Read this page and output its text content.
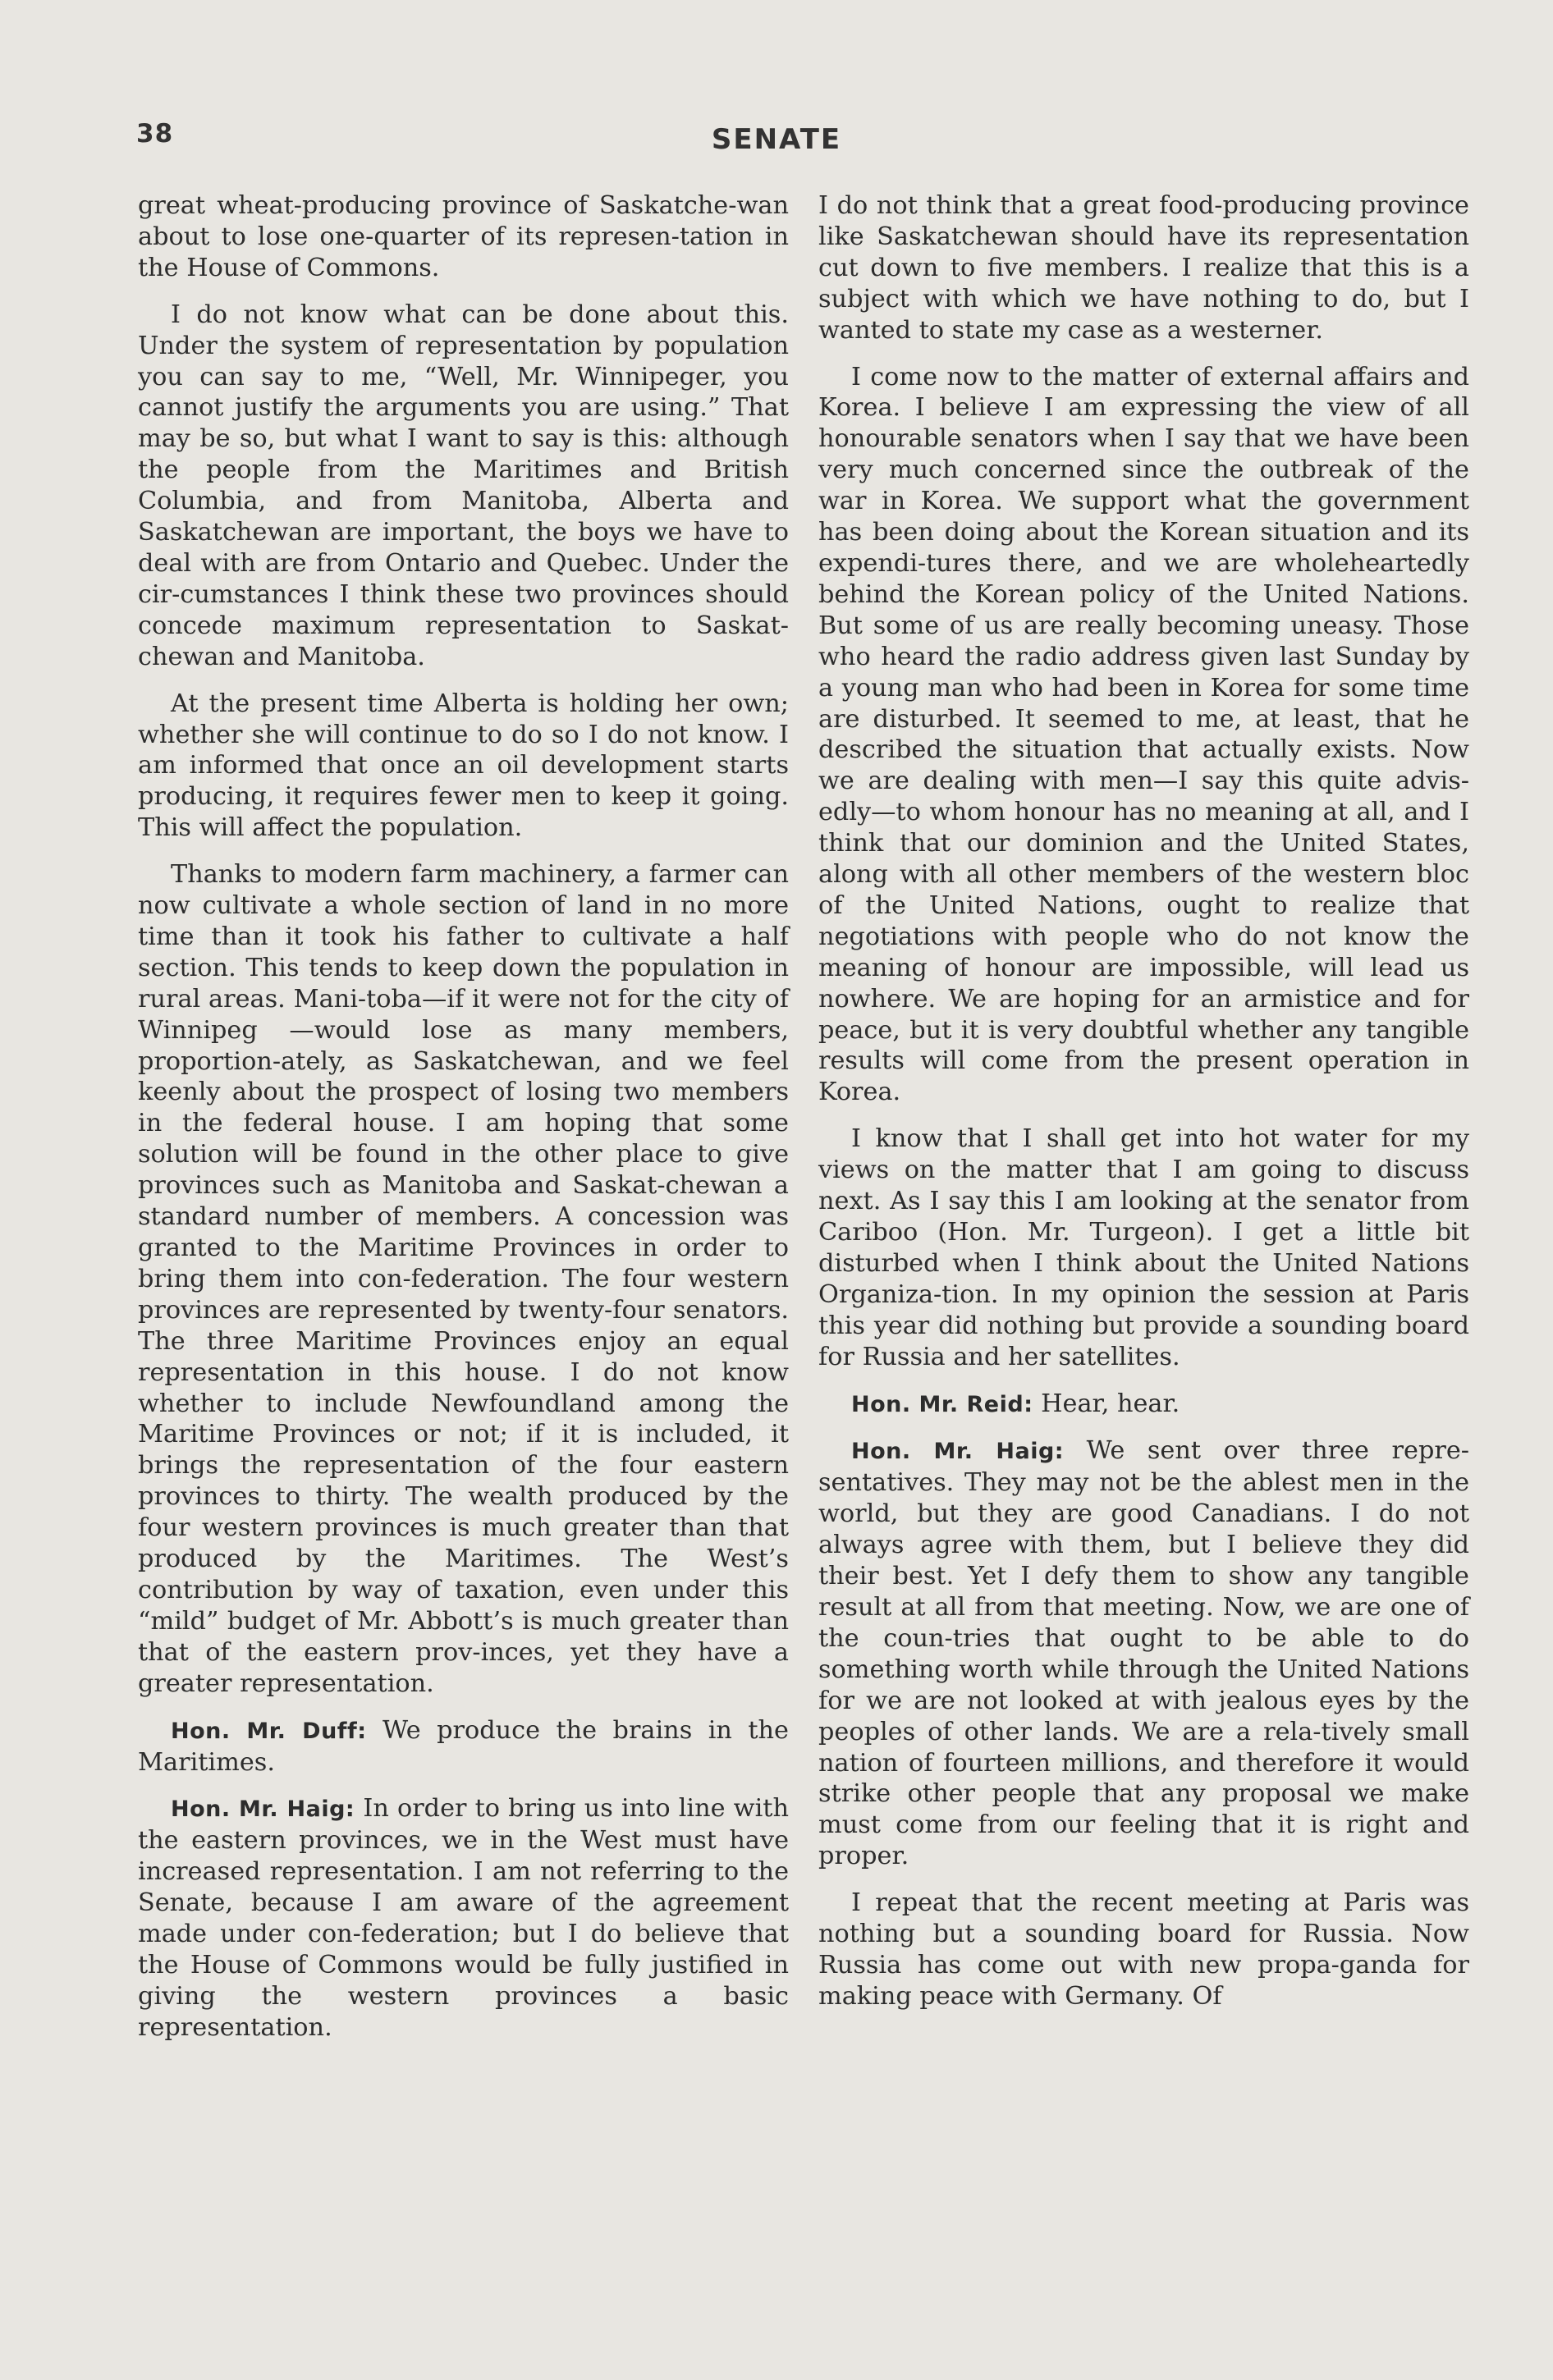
38	SENATE

great wheat-producing province of Saskatche-wan about to lose one-quarter of its represen-tation in the House of Commons.

I do not know what can be done about this. Under the system of representation by population you can say to me, “Well, Mr. Winnipeger, you cannot justify the arguments you are using.” That may be so, but what I want to say is this: although the people from the Maritimes and British Columbia, and from Manitoba, Alberta and Saskatchewan are important, the boys we have to deal with are from Ontario and Quebec. Under the cir-cumstances I think these two provinces should concede maximum representation to Saskat-chewan and Manitoba.

At the present time Alberta is holding her own; whether she will continue to do so I do not know. I am informed that once an oil development starts producing, it requires fewer men to keep it going. This will affect the population.

Thanks to modern farm machinery, a farmer can now cultivate a whole section of land in no more time than it took his father to cultivate a half section. This tends to keep down the population in rural areas. Mani-toba—if it were not for the city of Winnipeg —would lose as many members, proportion-ately, as Saskatchewan, and we feel keenly about the prospect of losing two members in the federal house. I am hoping that some solution will be found in the other place to give provinces such as Manitoba and Saskat-chewan a standard number of members. A concession was granted to the Maritime Provinces in order to bring them into con-federation. The four western provinces are represented by twenty-four senators. The three Maritime Provinces enjoy an equal representation in this house. I do not know whether to include Newfoundland among the Maritime Provinces or not; if it is included, it brings the representation of the four eastern provinces to thirty. The wealth produced by the four western provinces is much greater than that produced by the Maritimes. The West’s contribution by way of taxation, even under this “mild” budget of Mr. Abbott’s is much greater than that of the eastern prov-inces, yet they have a greater representation.

Hon. Mr. Duff: We produce the brains in the Maritimes.

Hon. Mr. Haig: In order to bring us into line with the eastern provinces, we in the West must have increased representation. I am not referring to the Senate, because I am aware of the agreement made under con-federation; but I do believe that the House of Commons would be fully justified in giving the western provinces a basic representation.

I do not think that a great food-producing province like Saskatchewan should have its representation cut down to five members. I realize that this is a subject with which we have nothing to do, but I wanted to state my case as a westerner.

I come now to the matter of external affairs and Korea. I believe I am expressing the view of all honourable senators when I say that we have been very much concerned since the outbreak of the war in Korea. We support what the government has been doing about the Korean situation and its expendi-tures there, and we are wholeheartedly behind the Korean policy of the United Nations. But some of us are really becoming uneasy. Those who heard the radio address given last Sunday by a young man who had been in Korea for some time are disturbed. It seemed to me, at least, that he described the situation that actually exists. Now we are dealing with men—I say this quite advis-edly—to whom honour has no meaning at all, and I think that our dominion and the United States, along with all other members of the western bloc of the United Nations, ought to realize that negotiations with people who do not know the meaning of honour are impossible, will lead us nowhere. We are hoping for an armistice and for peace, but it is very doubtful whether any tangible results will come from the present operation in Korea.

I know that I shall get into hot water for my views on the matter that I am going to discuss next. As I say this I am looking at the senator from Cariboo (Hon. Mr. Turgeon). I get a little bit disturbed when I think about the United Nations Organiza-tion. In my opinion the session at Paris this year did nothing but provide a sounding board for Russia and her satellites.

Hon. Mr. Reid: Hear, hear.

Hon. Mr. Haig: We sent over three repre-sentatives. They may not be the ablest men in the world, but they are good Canadians. I do not always agree with them, but I believe they did their best. Yet I defy them to show any tangible result at all from that meeting. Now, we are one of the coun-tries that ought to be able to do something worth while through the United Nations for we are not looked at with jealous eyes by the peoples of other lands. We are a rela-tively small nation of fourteen millions, and therefore it would strike other people that any proposal we make must come from our feeling that it is right and proper.

I repeat that the recent meeting at Paris was nothing but a sounding board for Russia. Now Russia has come out with new propa-ganda for making peace with Germany. Of
